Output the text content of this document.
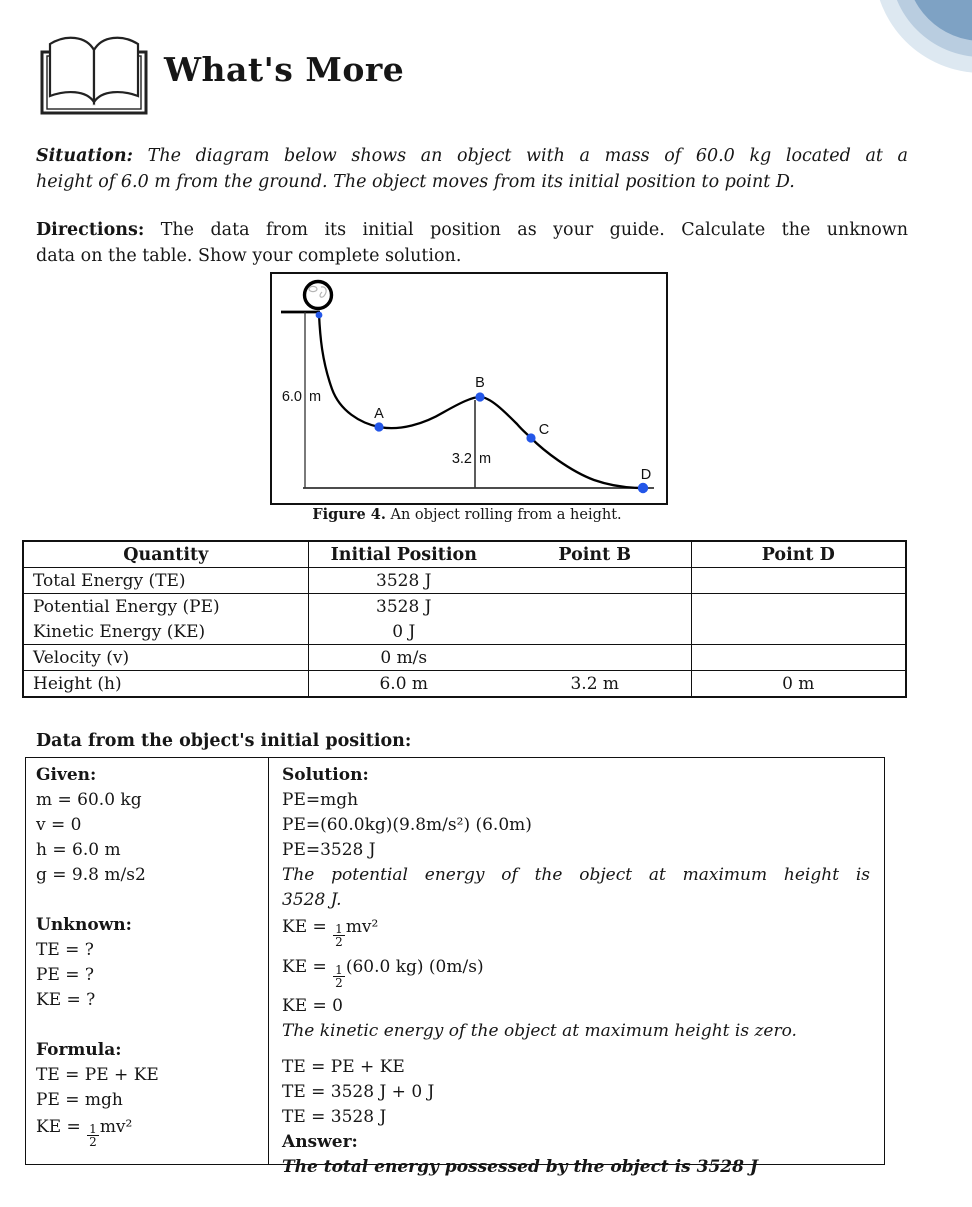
What's More
Situation: The diagram below shows an object with a mass of 60.0 kg located at a
height of 6.0 m from the ground. The object moves from its initial position to point D.
Directions: The data from its initial position as your guide. Calculate the unknown
data on the table. Show your complete solution.
A
B
C
D
6.0 m
3.2 m
Figure 4. An object rolling from a height.
Quantity	Initial Position	Point B	Point D
Total Energy (TE)	3528 J		
Potential Energy (PE)	3528 J		
Kinetic Energy (KE)	0 J		
Velocity (v)	0 m/s		
Height (h)	6.0 m	3.2 m	0 m
Data from the object's initial position:
Given:
m = 60.0 kg
v = 0
h = 6.0 m
g = 9.8 m/s2
Unknown:
TE = ?
PE = ?
KE = ?
Formula:
TE = PE + KE
PE = mgh
KE = $\frac{1}{2} mv^2$
Solution:
PE=mgh
PE=(60.0kg)(9.8m/s²) (6.0m)
PE=3528 J
The potential energy of the object at maximum height is
3528 J.
KE = $\frac{1}{2} mv^2$
KE = $\frac{1}{2} (60.0$ kg) (0m/s)
KE = 0
The kinetic energy of the object at maximum height is zero.
TE = PE + KE
TE = 3528 J + 0 J
TE = 3528 J
Answer:
The total energy possessed by the object is 3528 J
